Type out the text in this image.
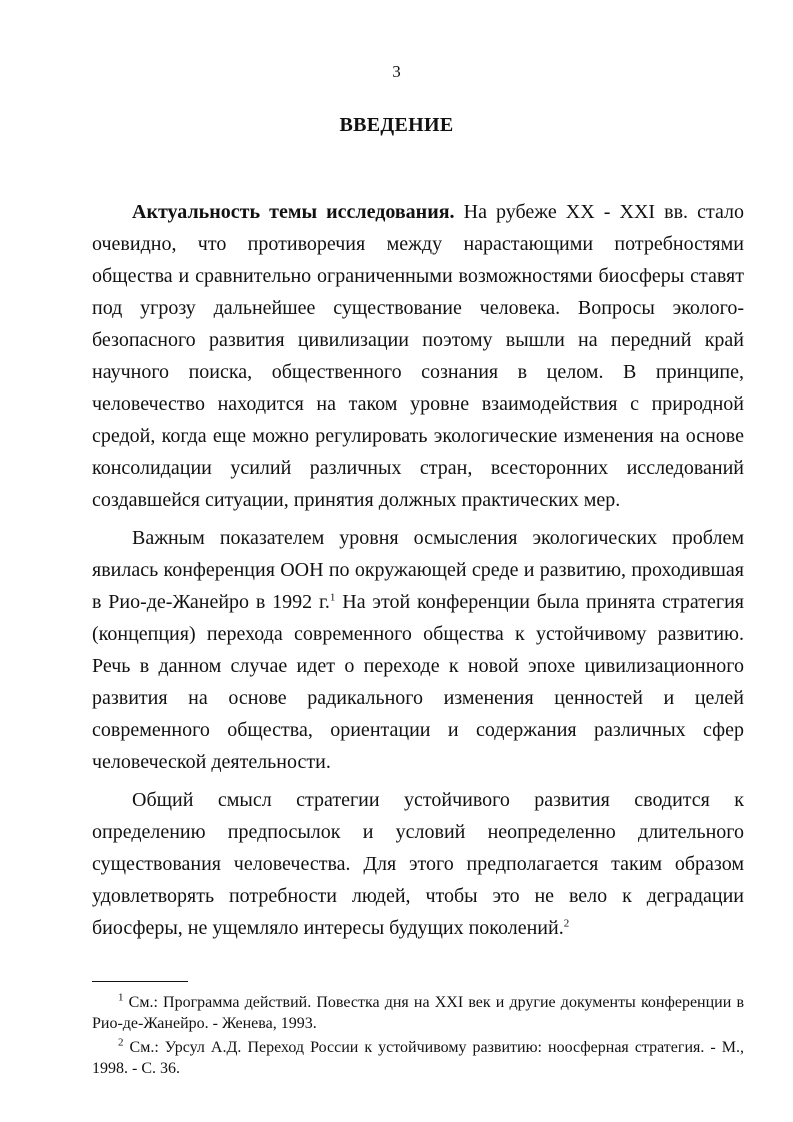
3

ВВЕДЕНИЕ

Актуальность темы исследования. На рубеже XX - XXI вв. стало очевидно, что противоречия между нарастающими потребностями общества и сравнительно ограниченными возможностями биосферы ставят под угрозу дальнейшее существование человека. Вопросы экологобезопасного развития цивилизации поэтому вышли на передний край научного поиска, общественного сознания в целом. В принципе, человечество находится на таком уровне взаимодействия с природной средой, когда еще можно регулировать экологические изменения на основе консолидации усилий различных стран, всесторонних исследований создавшейся ситуации, принятия должных практических мер.

Важным показателем уровня осмысления экологических проблем явилась конференция ООН по окружающей среде и развитию, проходившая в Рио-де-Жанейро в 1992 г.$^1$ На этой конференции была принята стратегия (концепция) перехода современного общества к устойчивому развитию. Речь в данном случае идет о переходе к новой эпохе цивилизационного развития на основе радикального изменения ценностей и целей современного общества, ориентации и содержания различных сфер человеческой деятельности.

Общий смысл стратегии устойчивого развития сводится к определению предпосылок и условий неопределенно длительного существования человечества. Для этого предполагается таким образом удовлетворять потребности людей, чтобы это не вело к деградации биосферы, не ущемляло интересы будущих поколений.$^2$

$^1$ См.: Программа действий. Повестка дня на XXI век и другие документы конференции в Рио-де-Жанейро. - Женева, 1993.

$^2$ См.: Урсул А.Д. Переход России к устойчивому развитию: ноосферная стратегия. - М., 1998. - С. 36.
